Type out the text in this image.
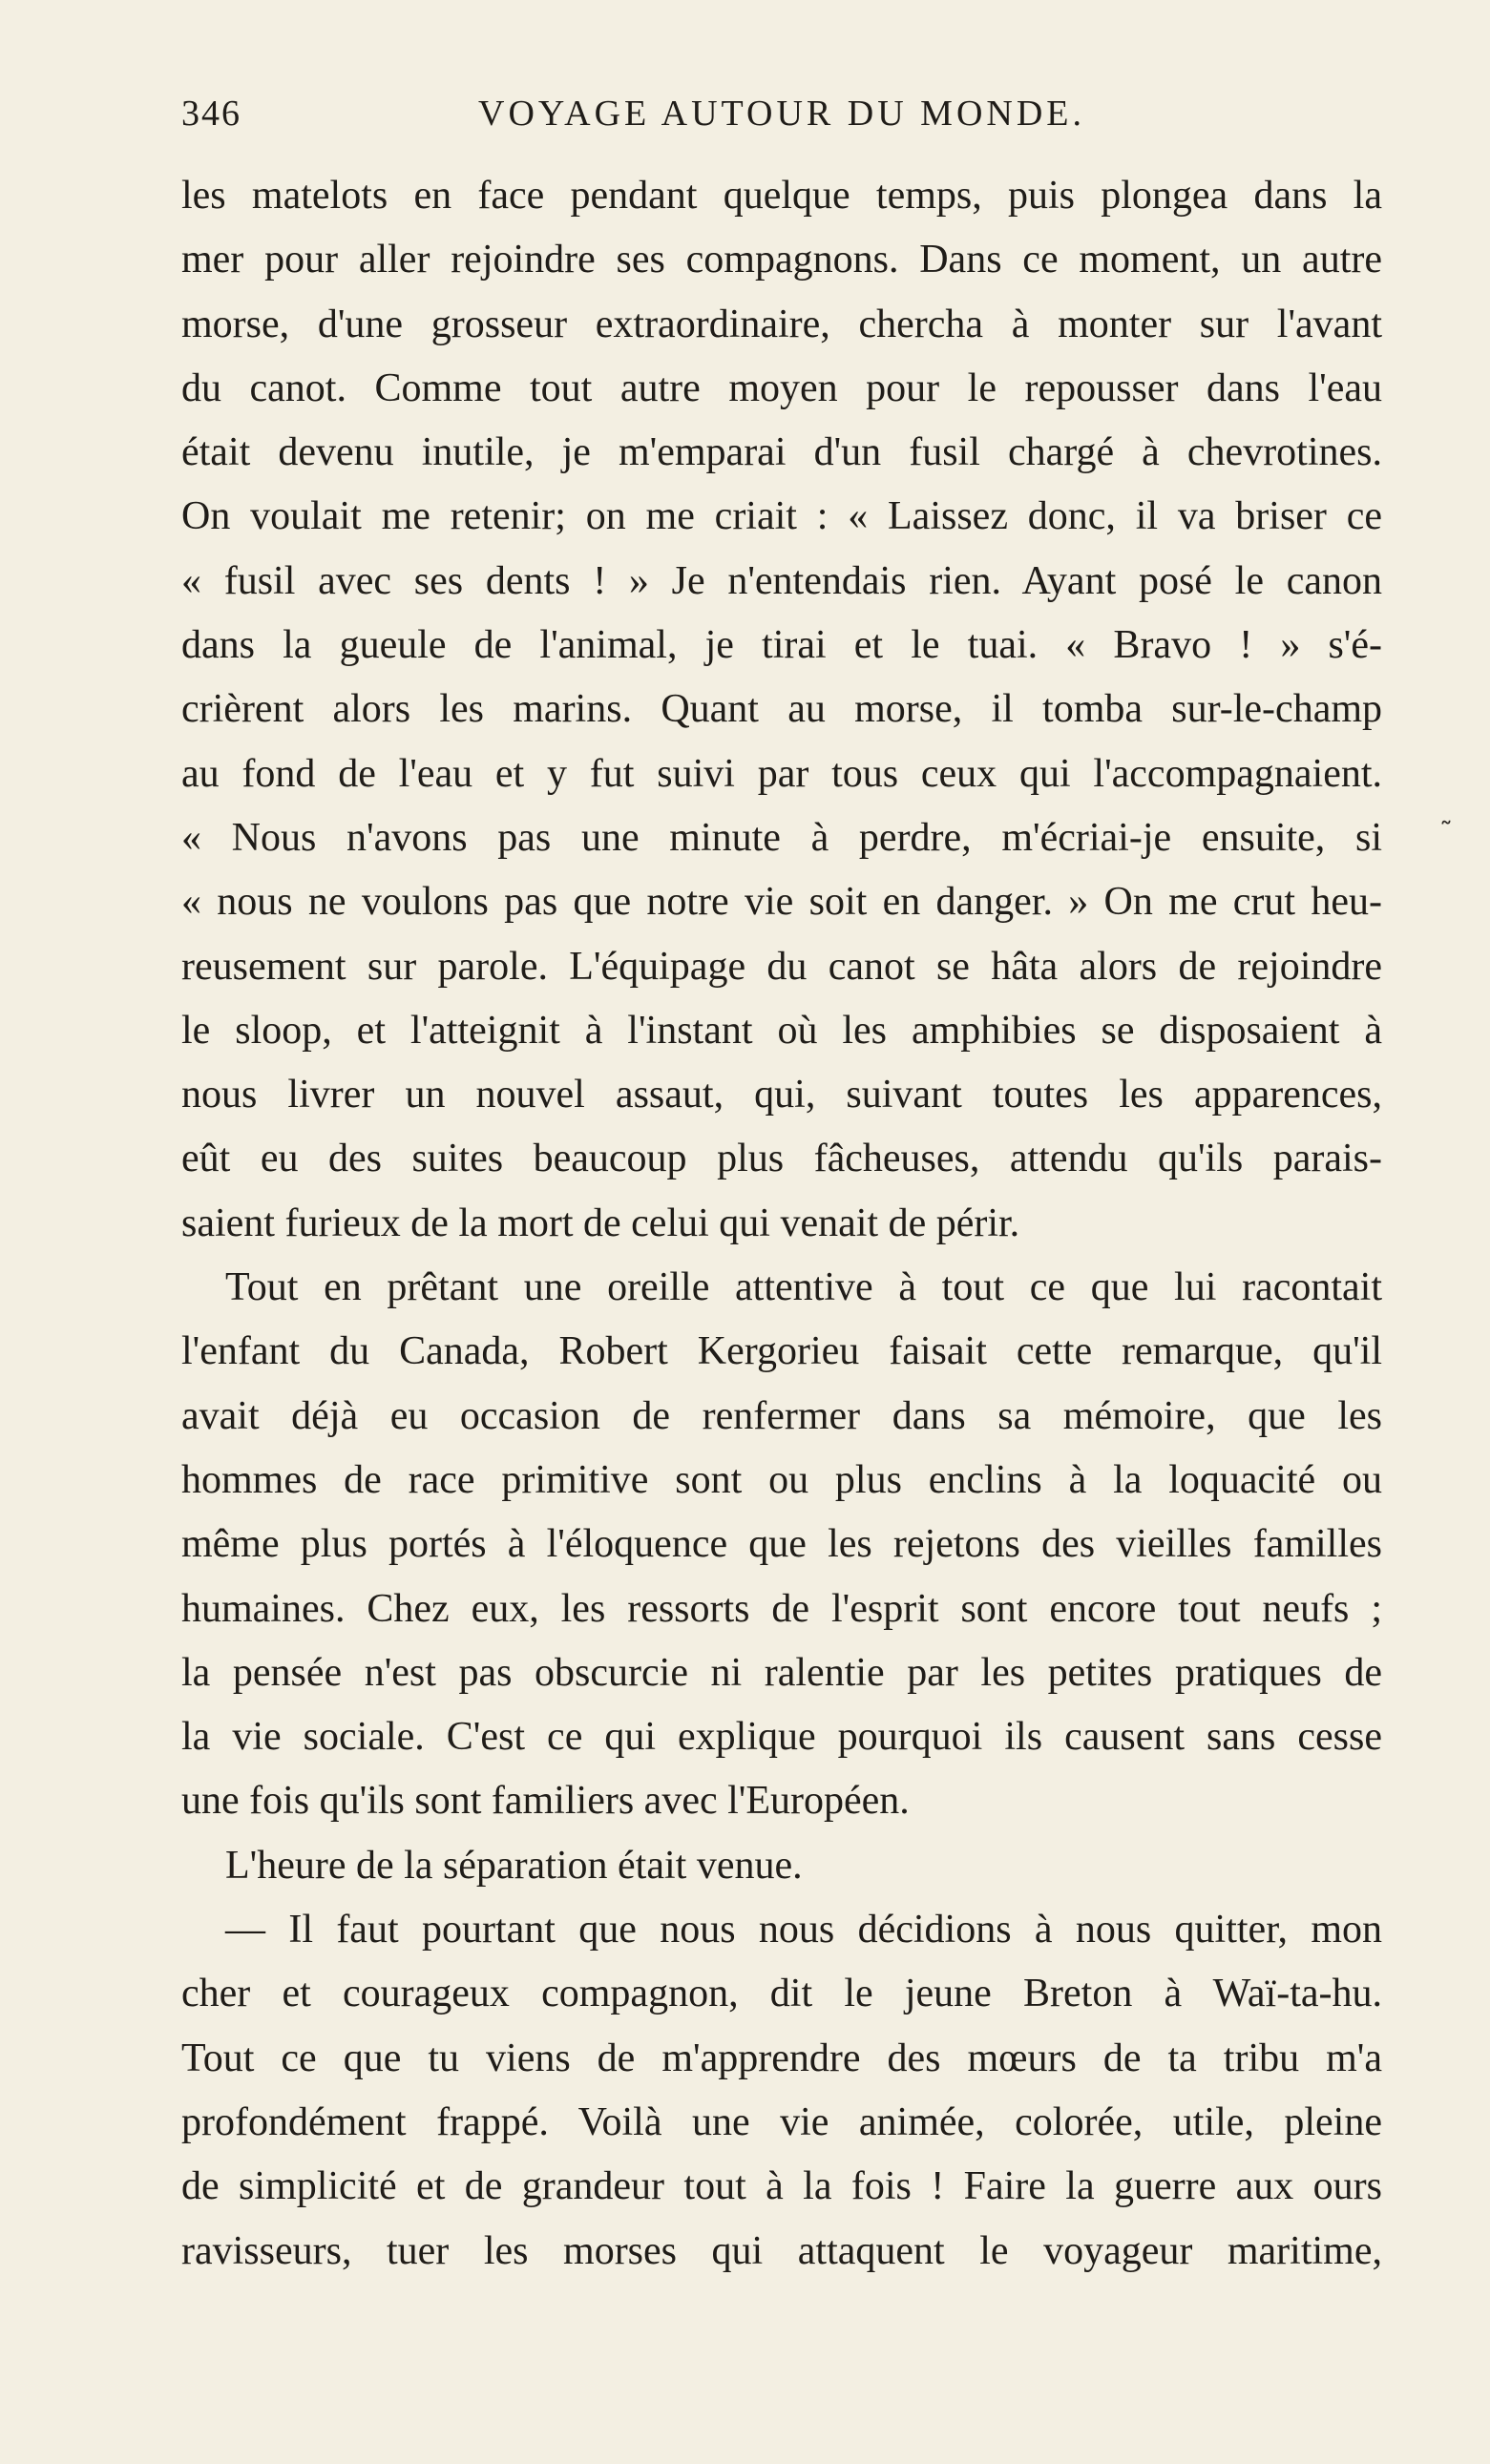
346	VOYAGE AUTOUR DU MONDE.
les matelots en face pendant quelque temps, puis plongea dans la
mer pour aller rejoindre ses compagnons. Dans ce moment, un autre
morse, d'une grosseur extraordinaire, chercha à monter sur l'avant
du canot. Comme tout autre moyen pour le repousser dans l'eau
était devenu inutile, je m'emparai d'un fusil chargé à chevrotines.
On voulait me retenir; on me criait : « Laissez donc, il va briser ce
« fusil avec ses dents ! » Je n'entendais rien. Ayant posé le canon
dans la gueule de l'animal, je tirai et le tuai. « Bravo ! » s'é-
crièrent alors les marins. Quant au morse, il tomba sur-le-champ
au fond de l'eau et y fut suivi par tous ceux qui l'accompagnaient.
« Nous n'avons pas une minute à perdre, m'écriai-je ensuite, si
« nous ne voulons pas que notre vie soit en danger. » On me crut heu-
reusement sur parole. L'équipage du canot se hâta alors de rejoindre
le sloop, et l'atteignit à l'instant où les amphibies se disposaient à
nous livrer un nouvel assaut, qui, suivant toutes les apparences,
eût eu des suites beaucoup plus fâcheuses, attendu qu'ils parais-
saient furieux de la mort de celui qui venait de périr.
Tout en prêtant une oreille attentive à tout ce que lui racontait
l'enfant du Canada, Robert Kergorieu faisait cette remarque, qu'il
avait déjà eu occasion de renfermer dans sa mémoire, que les
hommes de race primitive sont ou plus enclins à la loquacité ou
même plus portés à l'éloquence que les rejetons des vieilles familles
humaines. Chez eux, les ressorts de l'esprit sont encore tout neufs ;
la pensée n'est pas obscurcie ni ralentie par les petites pratiques de
la vie sociale. C'est ce qui explique pourquoi ils causent sans cesse
une fois qu'ils sont familiers avec l'Européen.
L'heure de la séparation était venue.
— Il faut pourtant que nous nous décidions à nous quitter, mon
cher et courageux compagnon, dit le jeune Breton à Waï-ta-hu.
Tout ce que tu viens de m'apprendre des mœurs de ta tribu m'a
profondément frappé. Voilà une vie animée, colorée, utile, pleine
de simplicité et de grandeur tout à la fois ! Faire la guerre aux ours
ravisseurs, tuer les morses qui attaquent le voyageur maritime,
˜
